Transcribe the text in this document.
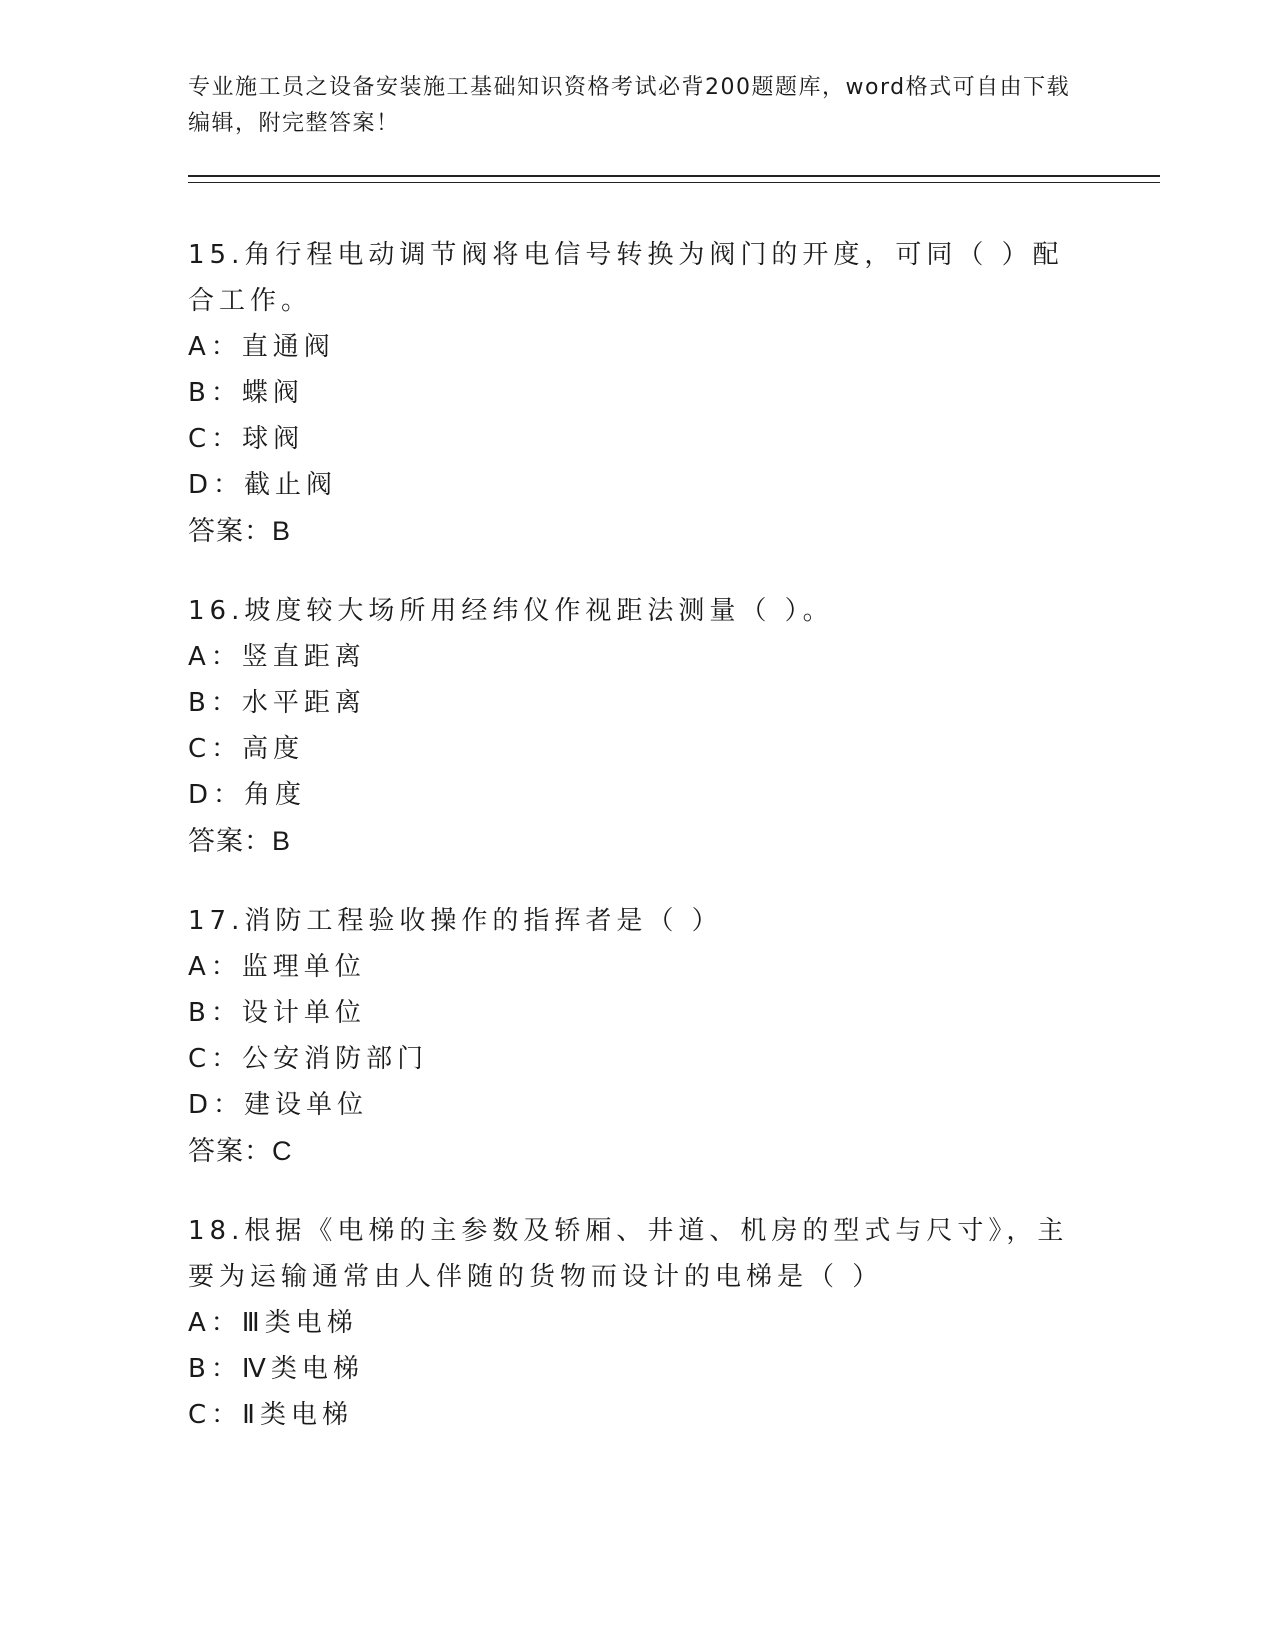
专业施工员之设备安装施工基础知识资格考试必背200题题库，word格式可自由下载编辑，附完整答案！

15.角行程电动调节阀将电信号转换为阀门的开度，可同（ ）配合工作。

A：直通阀

B：蝶阀

C：球阀

D：截止阀

答案：B

16.坡度较大场所用经纬仪作视距法测量（ ）。

A：竖直距离

B：水平距离

C：高度

D：角度

答案：B

17.消防工程验收操作的指挥者是（ ）

A：监理单位

B：设计单位

C：公安消防部门

D：建设单位

答案：C

18.根据《电梯的主参数及轿厢、井道、机房的型式与尺寸》，主要为运输通常由人伴随的货物而设计的电梯是（ ）

A：Ⅲ类电梯

B：Ⅳ类电梯

C：Ⅱ类电梯
